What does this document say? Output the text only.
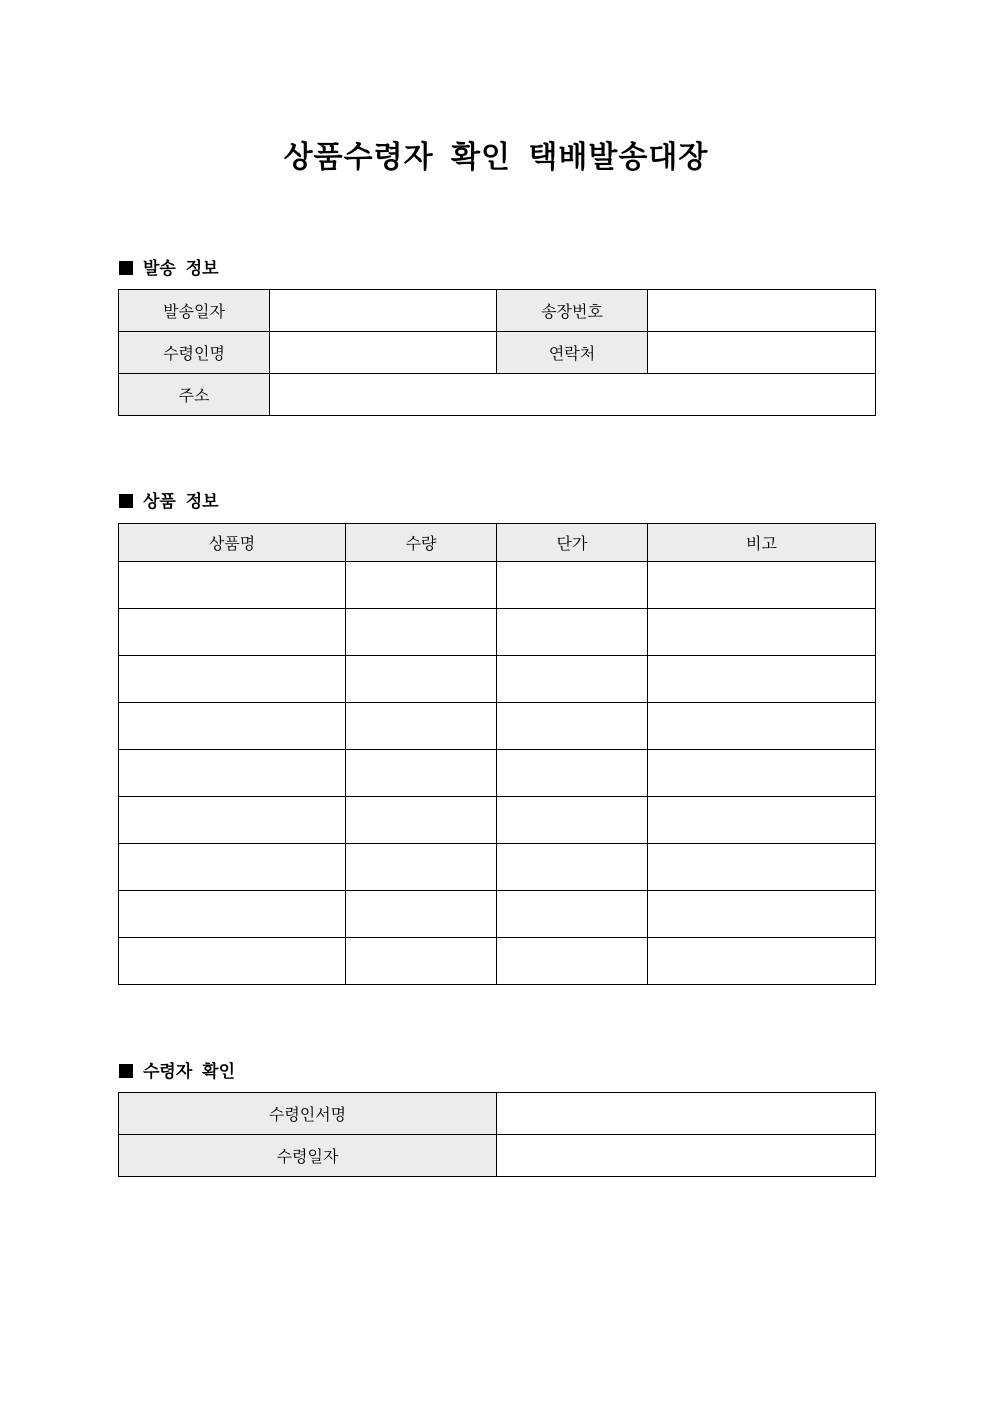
상품수령자 확인 택배발송대장
발송 정보
발송일자		송장번호	
수령인명		연락처	
주소			
상품 정보
상품명	수량	단가	비고

수령자 확인
수령인서명	
수령일자	
